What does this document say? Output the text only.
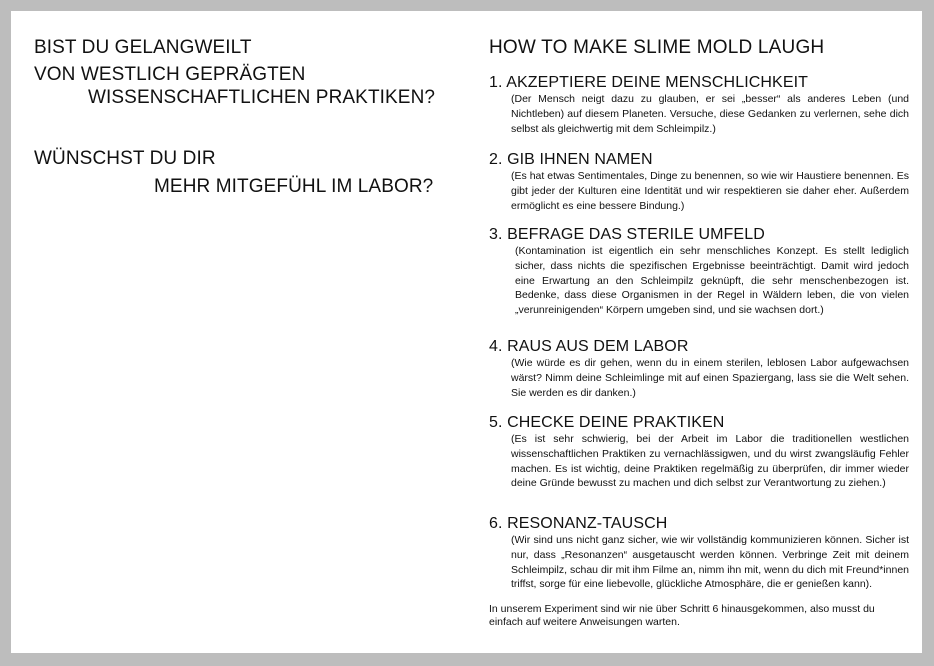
BIST DU GELANGWEILT
VON WESTLICH GEPRÄGTEN
WISSENSCHAFTLICHEN PRAKTIKEN?
WÜNSCHST DU DIR
MEHR MITGEFÜHL IM LABOR?
HOW TO MAKE SLIME MOLD LAUGH
1. AKZEPTIERE DEINE MENSCHLICHKEIT

(Der Mensch neigt dazu zu glauben, er sei „besser“ als anderes Leben (und Nichtleben) auf diesem Planeten. Versuche, diese Gedanken zu verlernen, sehe dich selbst als gleichwertig mit dem Schleimpilz.)

2. GIB IHNEN NAMEN

(Es hat etwas Sentimentales, Dinge zu benennen, so wie wir Haustiere benennen. Es gibt jeder der Kulturen eine Identität und wir respektieren sie daher eher. Außerdem ermöglicht es eine bessere Bindung.)

3. BEFRAGE DAS STERILE UMFELD

(Kontamination ist eigentlich ein sehr menschliches Konzept. Es stellt lediglich sicher, dass nichts die spezifischen Ergebnisse beeinträchtigt. Damit wird jedoch eine Erwartung an den Schleimpilz geknüpft, die sehr menschenbezogen ist. Bedenke, dass diese Organismen in der Regel in Wäldern leben, die von vielen „verunreinigenden“ Körpern umgeben sind, und sie wachsen dort.)

4. RAUS AUS DEM LABOR

(Wie würde es dir gehen, wenn du in einem sterilen, leblosen Labor aufgewachsen wärst? Nimm deine Schleimlinge mit auf einen Spaziergang, lass sie die Welt sehen. Sie werden es dir danken.)

5. CHECKE DEINE PRAKTIKEN

(Es ist sehr schwierig, bei der Arbeit im Labor die traditionellen westlichen wissenschaftlichen Praktiken zu vernachlässigwen, und du wirst zwangsläufig Fehler machen. Es ist wichtig, deine Praktiken regelmäßig zu überprüfen, dir immer wieder deine Gründe bewusst zu machen und dich selbst zur Verantwortung zu ziehen.)

6. RESONANZ-TAUSCH

(Wir sind uns nicht ganz sicher, wie wir vollständig kommunizieren können. Sicher ist nur, dass „Resonanzen“ ausgetauscht werden können. Verbringe Zeit mit deinem Schleimpilz, schau dir mit ihm Filme an, nimm ihn mit, wenn du dich mit Freund*innen triffst, sorge für eine liebevolle, glückliche Atmosphäre, die er genießen kann).

In unserem Experiment sind wir nie über Schritt 6 hinausgekommen, also musst du einfach auf weitere Anweisungen warten.
